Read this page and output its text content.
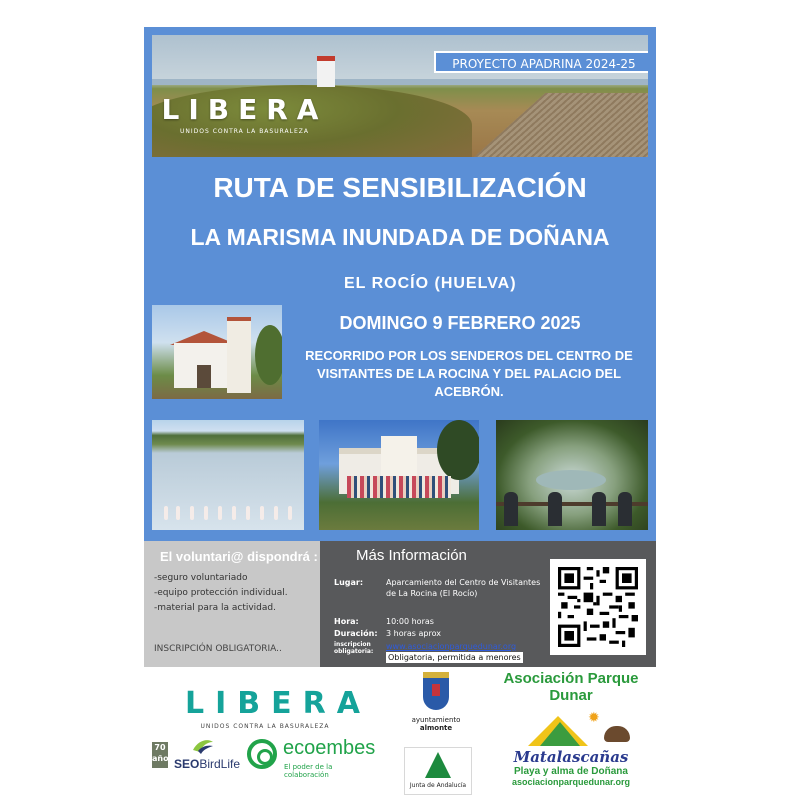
LIBERA
UNIDOS CONTRA LA BASURALEZA
PROYECTO APADRINA 2024-25
RUTA DE SENSIBILIZACIÓN
LA MARISMA INUNDADA DE DOÑANA
EL ROCÍO (HUELVA)
DOMINGO 9 FEBRERO 2025
RECORRIDO POR LOS SENDEROS DEL CENTRO DE
VISITANTES DE LA ROCINA Y DEL PALACIO DEL
ACEBRÓN.
El voluntari@ dispondrá :
-seguro voluntariado
-equipo protección individual.
-material para la actividad.
INSCRIPCIÓN OBLIGATORIA..
Más Información
Lugar:	Aparcamiento del Centro de Visitantes de La Rocina (El Rocío)
Hora:	10:00 horas
Duración:	3 horas aprox
inscripcion obligatoria:
www.asociacionparquedunar.org
Obligatoria, permitida a menores
LIBERA
UNIDOS CONTRA LA BASURALEZA
70 años SEOBirdLife
ecoembes
El poder de la colaboración
ayuntamiento
almonte
Junta de Andalucía
Asociación Parque Dunar
✹
Matalascañas
Playa y alma de Doñana
asociacionparquedunar.org
